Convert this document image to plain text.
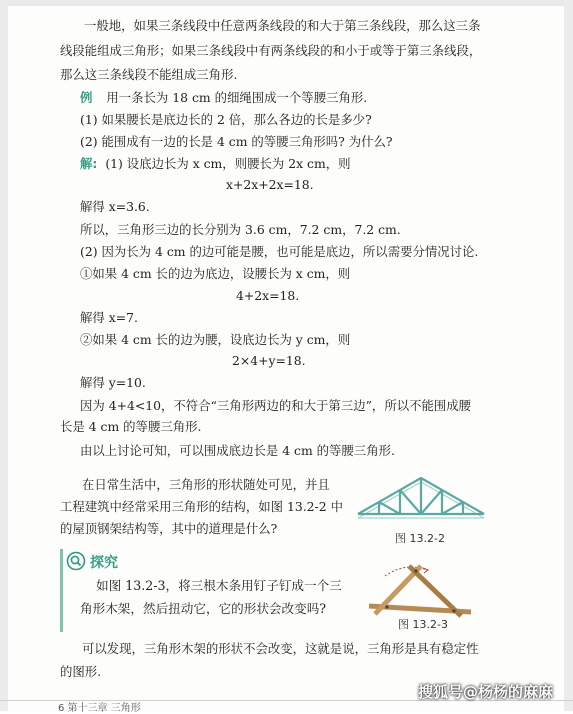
一般地，如果三条线段中任意两条线段的和大于第三条线段，那么这三条
线段能组成三角形；如果三条线段中有两条线段的和小于或等于第三条线段，
那么这三条线段不能组成三角形.
例 用一条长为 18 cm 的细绳围成一个等腰三角形.
(1) 如果腰长是底边长的 2 倍，那么各边的长是多少?
(2) 能围成有一边的长是 4 cm 的等腰三角形吗? 为什么?
解: (1) 设底边长为 x cm，则腰长为 2x cm，则
x+2x+2x=18.
解得 x=3.6.
所以，三角形三边的长分别为 3.6 cm，7.2 cm，7.2 cm.
(2) 因为长为 4 cm 的边可能是腰，也可能是底边，所以需要分情况讨论.
①如果 4 cm 长的边为底边，设腰长为 x cm，则
4+2x=18.
解得 x=7.
②如果 4 cm 长的边为腰，设底边长为 y cm，则
2×4+y=18.
解得 y=10.
因为 4+4<10，不符合“三角形两边的和大于第三边”，所以不能围成腰
长是 4 cm 的等腰三角形.
由以上讨论可知，可以围成底边长是 4 cm 的等腰三角形.
在日常生活中，三角形的形状随处可见，并且
工程建筑中经常采用三角形的结构，如图 13.2-2 中
的屋顶钢架结构等，其中的道理是什么?
图 13.2-2
探究
如图 13.2-3，将三根木条用钉子钉成一个三
角形木架，然后扭动它，它的形状会改变吗?
图 13.2-3
可以发现，三角形木架的形状不会改变，这就是说，三角形是具有稳定性
的图形.
6 第十三章 三角形
搜狐号@杨杨的麻麻
